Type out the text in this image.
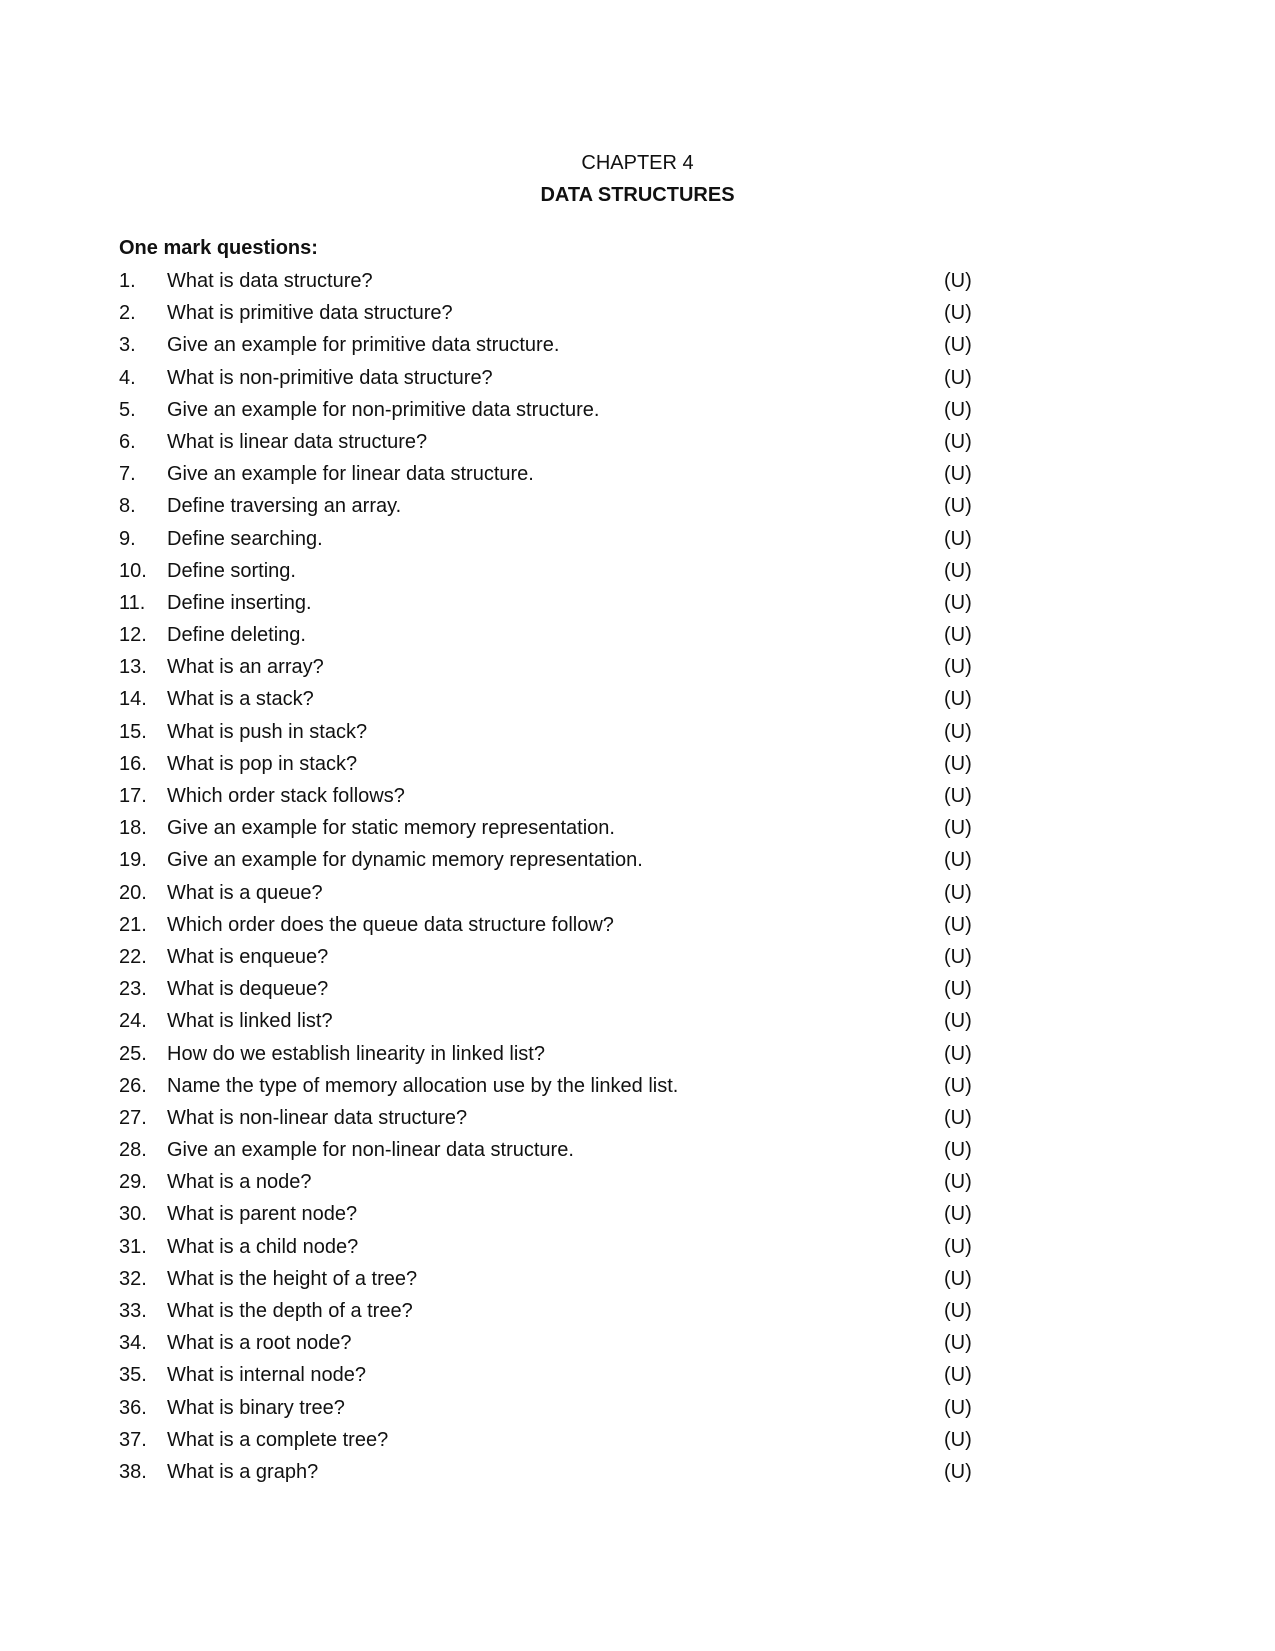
CHAPTER 4
DATA STRUCTURES
One mark questions:
1. What is data structure?	(U)
2. What is primitive data structure?	(U)
3. Give an example for primitive data structure.	(U)
4. What is non-primitive data structure?	(U)
5. Give an example for non-primitive data structure.	(U)
6. What is linear data structure?	(U)
7. Give an example for linear data structure.	(U)
8. Define traversing an array.	(U)
9. Define searching.	(U)
10. Define sorting.	(U)
11. Define inserting.	(U)
12. Define deleting.	(U)
13. What is an array?	(U)
14. What is a stack?	(U)
15. What is push in stack?	(U)
16. What is pop in stack?	(U)
17. Which order stack follows?	(U)
18. Give an example for static memory representation.	(U)
19. Give an example for dynamic memory representation.	(U)
20. What is a queue?	(U)
21. Which order does the queue data structure follow?	(U)
22. What is enqueue?	(U)
23. What is dequeue?	(U)
24. What is linked list?	(U)
25. How do we establish linearity in linked list?	(U)
26. Name the type of memory allocation use by the linked list.	(U)
27. What is non-linear data structure?	(U)
28. Give an example for non-linear data structure.	(U)
29. What is a node?	(U)
30. What is parent node?	(U)
31. What is a child node?	(U)
32. What is the height of a tree?	(U)
33. What is the depth of a tree?	(U)
34. What is a root node?	(U)
35. What is internal node?	(U)
36. What is binary tree?	(U)
37. What is a complete tree?	(U)
38. What is a graph?	(U)
